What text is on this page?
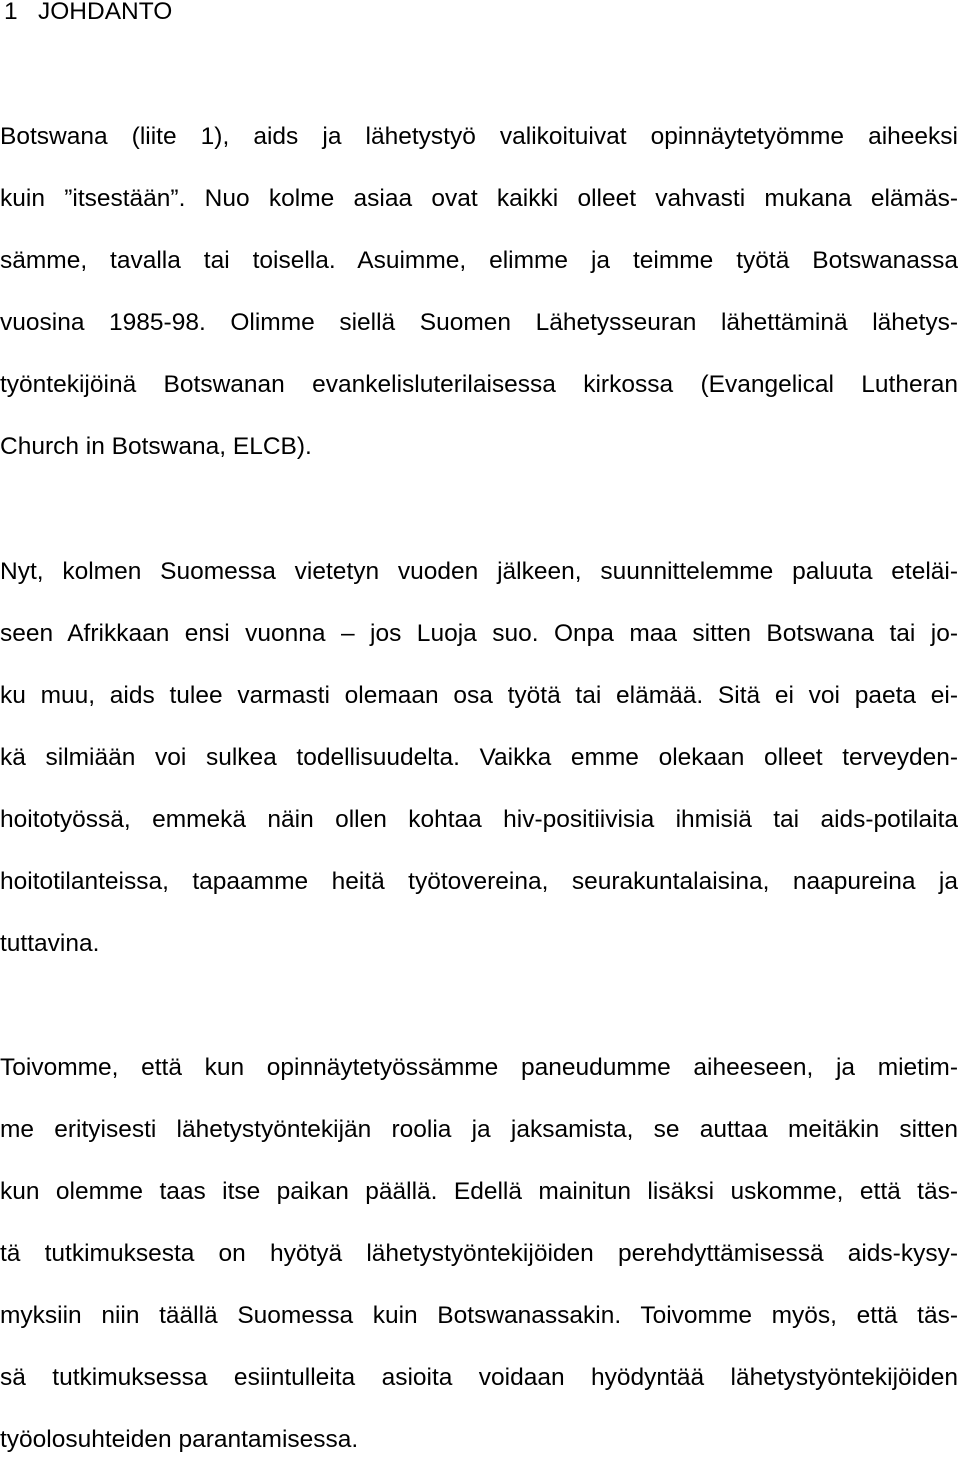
1 JOHDANTO
Botswana (liite 1), aids ja lähetystyö valikoituivat opinnäytetyömme aiheeksi
kuin ”itsestään”. Nuo kolme asiaa ovat kaikki olleet vahvasti mukana elämäs-
sämme, tavalla tai toisella. Asuimme, elimme ja teimme työtä Botswanassa
vuosina 1985-98. Olimme siellä Suomen Lähetysseuran lähettäminä lähetys-
työntekijöinä Botswanan evankelisluterilaisessa kirkossa (Evangelical Lutheran
Church in Botswana, ELCB).
Nyt, kolmen Suomessa vietetyn vuoden jälkeen, suunnittelemme paluuta eteläi-
seen Afrikkaan ensi vuonna – jos Luoja suo. Onpa maa sitten Botswana tai jo-
ku muu, aids tulee varmasti olemaan osa työtä tai elämää. Sitä ei voi paeta ei-
kä silmiään voi sulkea todellisuudelta. Vaikka emme olekaan olleet terveyden-
hoitotyössä, emmekä näin ollen kohtaa hiv-positiivisia ihmisiä tai aids-potilaita
hoitotilanteissa, tapaamme heitä työtovereina, seurakuntalaisina, naapureina ja
tuttavina.
Toivomme, että kun opinnäytetyössämme paneudumme aiheeseen, ja mietim-
me erityisesti lähetystyöntekijän roolia ja jaksamista, se auttaa meitäkin sitten
kun olemme taas itse paikan päällä. Edellä mainitun lisäksi uskomme, että täs-
tä tutkimuksesta on hyötyä lähetystyöntekijöiden perehdyttämisessä aids-kysy-
myksiin niin täällä Suomessa kuin Botswanassakin. Toivomme myös, että täs-
sä tutkimuksessa esiintulleita asioita voidaan hyödyntää lähetystyöntekijöiden
työolosuhteiden parantamisessa.
